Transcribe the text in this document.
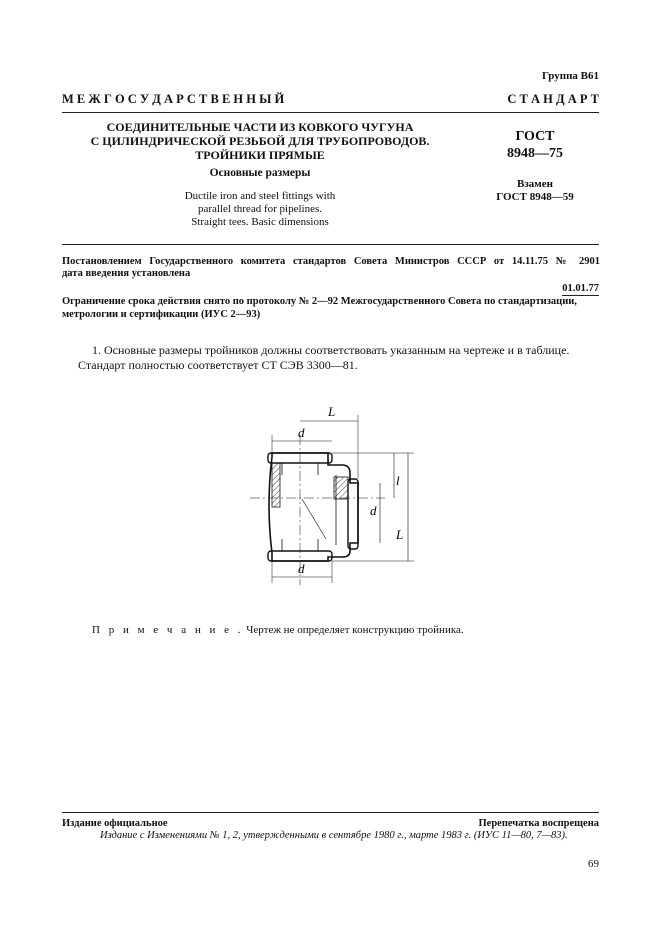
Группа В61
М Е Ж Г О С У Д А Р С Т В Е Н Н Ы Й	С Т А Н Д А Р Т
СОЕДИНИТЕЛЬНЫЕ ЧАСТИ ИЗ КОВКОГО ЧУГУНА
С ЦИЛИНДРИЧЕСКОЙ РЕЗЬБОЙ ДЛЯ ТРУБОПРОВОДОВ.
ТРОЙНИКИ ПРЯМЫЕ
Основные размеры
Ductile iron and steel fittings with
parallel thread for pipelines.
Straight tees. Basic dimensions
ГОСТ
8948—75
Взамен
ГОСТ 8948—59
Постановлением Государственного комитета стандартов Совета Министров СССР от 14.11.75 № 2901
дата введения установлена
01.01.77
Ограничение срока действия снято по протоколу № 2—92 Межгосударственного Совета по стандартизации, метрологии и сертификации (ИУС 2—93)
1. Основные размеры тройников должны соответствовать указанным на чертеже и в таблице.
Стандарт полностью соответствует СТ СЭВ 3300—81.
L
d
d
d
l
L
П р и м е ч а н и е . Чертеж не определяет конструкцию тройника.
Издание официальное	Перепечатка воспрещена
Издание с Изменениями № 1, 2, утвержденными в сентябре 1980 г., марте 1983 г. (ИУС 11—80, 7—83).
69
